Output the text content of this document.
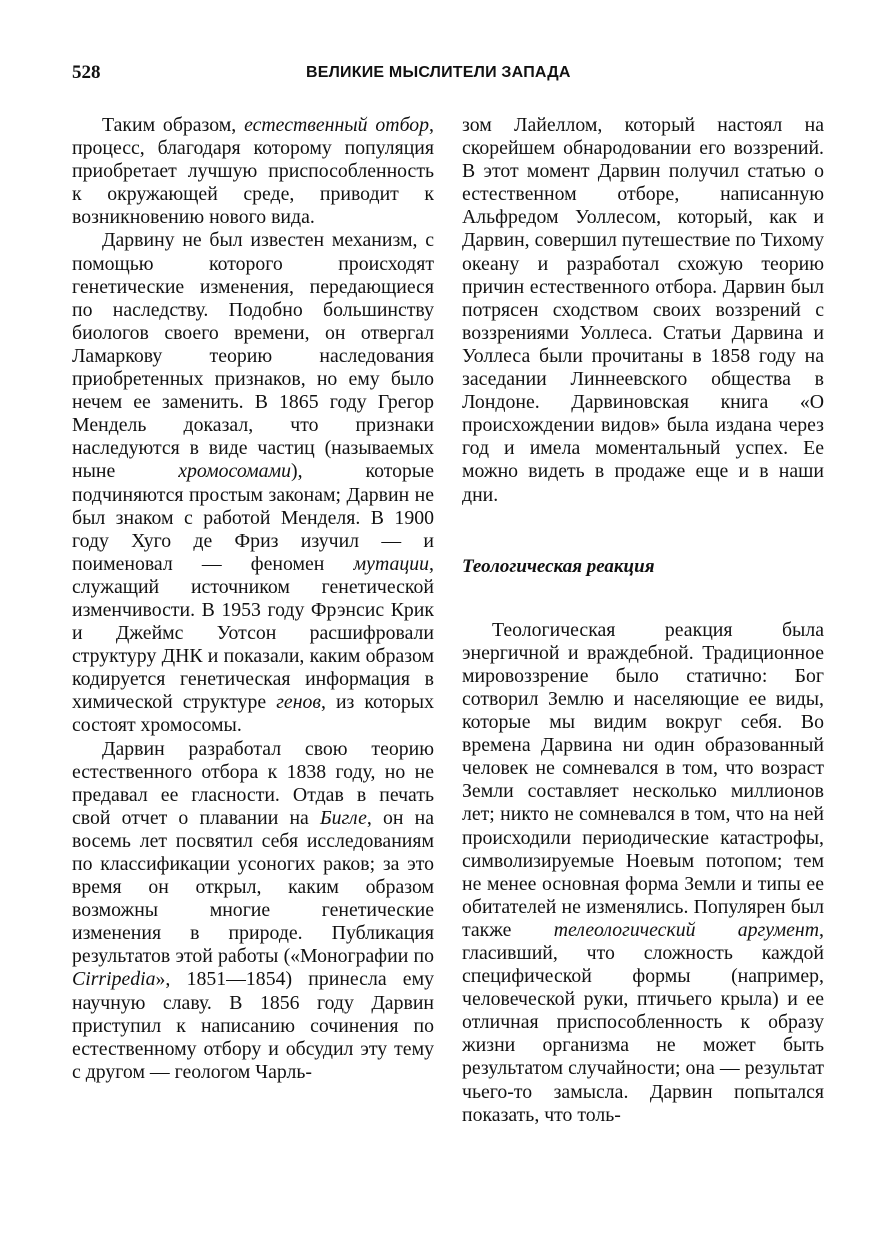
528	ВЕЛИКИЕ МЫСЛИТЕЛИ ЗАПАДА

Таким образом, естественный отбор, процесс, благодаря которому популяция приобретает лучшую приспособленность к окружающей среде, приводит к возникновению нового вида.

Дарвину не был известен механизм, с помощью которого происходят генетические изменения, передающиеся по наследству. Подобно большинству биологов своего времени, он отвергал Ламаркову теорию наследования приобретенных признаков, но ему было нечем ее заменить. В 1865 году Грегор Мендель доказал, что признаки наследуются в виде частиц (называемых ныне хромосомами), которые подчиняются простым законам; Дарвин не был знаком с работой Менделя. В 1900 году Хуго де Фриз изучил — и поименовал — феномен мутации, служащий источником генетической изменчивости. В 1953 году Фрэнсис Крик и Джеймс Уотсон расшифровали структуру ДНК и показали, каким образом кодируется генетическая информация в химической структуре генов, из которых состоят хромосомы.

Дарвин разработал свою теорию естественного отбора к 1838 году, но не предавал ее гласности. Отдав в печать свой отчет о плавании на Бигле, он на восемь лет посвятил себя исследованиям по классификации усоногих раков; за это время он открыл, каким образом возможны многие генетические изменения в природе. Публикация результатов этой работы («Монографии по Cirripedia», 1851—1854) принесла ему научную славу. В 1856 году Дарвин приступил к написанию сочинения по естественному отбору и обсудил эту тему с другом — геологом Чарль-

зом Лайеллом, который настоял на скорейшем обнародовании его воззрений. В этот момент Дарвин получил статью о естественном отборе, написанную Альфредом Уоллесом, который, как и Дарвин, совершил путешествие по Тихому океану и разработал схожую теорию причин естественного отбора. Дарвин был потрясен сходством своих воззрений с воззрениями Уоллеса. Статьи Дарвина и Уоллеса были прочитаны в 1858 году на заседании Линнеевского общества в Лондоне. Дарвиновская книга «О происхождении видов» была издана через год и имела моментальный успех. Ее можно видеть в продаже еще и в наши дни.

Теологическая реакция

Теологическая реакция была энергичной и враждебной. Традиционное мировоззрение было статично: Бог сотворил Землю и населяющие ее виды, которые мы видим вокруг себя. Во времена Дарвина ни один образованный человек не сомневался в том, что возраст Земли составляет несколько миллионов лет; никто не сомневался в том, что на ней происходили периодические катастрофы, символизируемые Ноевым потопом; тем не менее основная форма Земли и типы ее обитателей не изменялись. Популярен был также телеологический аргумент, гласивший, что сложность каждой специфической формы (например, человеческой руки, птичьего крыла) и ее отличная приспособленность к образу жизни организма не может быть результатом случайности; она — результат чьего-то замысла. Дарвин попытался показать, что толь-
